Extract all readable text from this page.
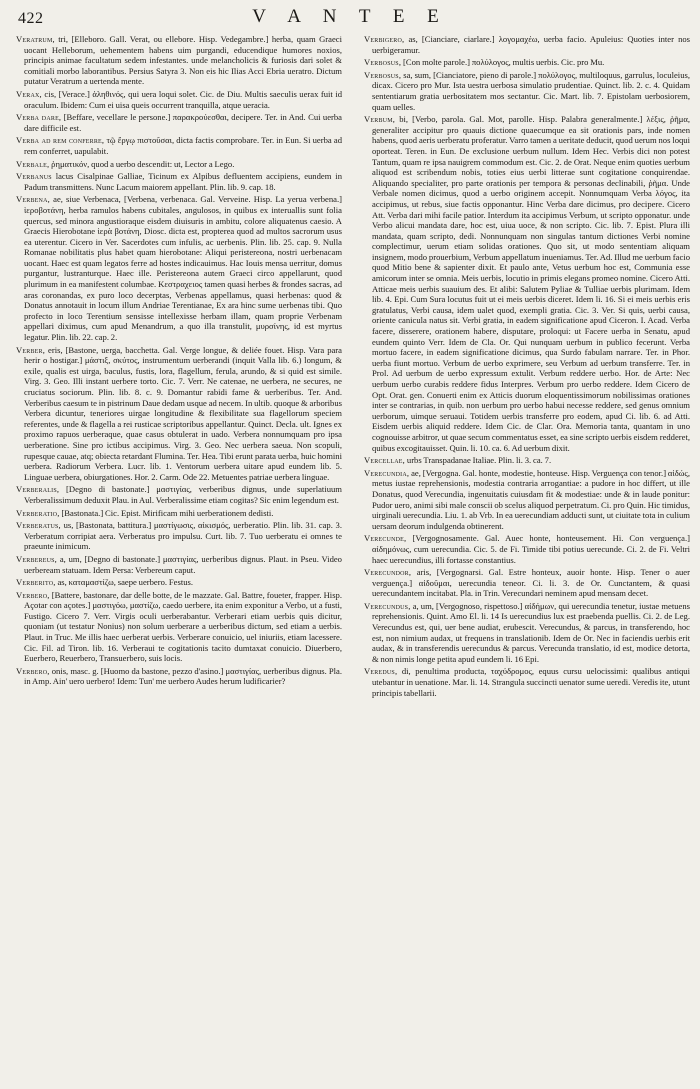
422	V A N T E E

Veratrum, tri, [Elleboro. Gall. Verat, ou ellebore. Hisp. Vedegambre.] herba, quam Graeci uocant Helleborum, uehementem habens uim purgandi, educendique humores noxios, principis animae facultatum sedem infestantes. unde melancholicis & furiosis dari solet & comitiali morbo laborantibus. Persius Satyra 3. Non eis hic Ilias Acci Ebria ueratro. Dictum putatur Veratrum a uertenda mente.

Verax, cis, [Verace.] ἀληθινός, qui uera loqui solet. Cic. de Diu. Multis saeculis uerax fuit id oraculum. Ibidem: Cum ei uisa queis occurrent tranquilla, atque ueracia.

Verba dare, [Beffare, vecellare le persone.] παρακρούεσθαι, decipere. Ter. in And. Cui uerba dare difficile est.

Verba ad rem conferre, τῷ ἔργῳ πιστοῦσαι, dicta factis comprobare. Ter. in Eun. Si uerba ad rem conferret, uapulabit.

Verbale, ῥηματικόν, quod a uerbo descendit: ut, Lector a Lego.

Verbanus lacus Cisalpinae Galliae, Ticinum ex Alpibus defluentem accipiens, eundem in Padum transmittens. Nunc Lacum maiorem appellant. Plin. lib. 9. cap. 18.

Verbena, ae, siue Verbenaca, [Verbena, verbenaca. Gal. Verveine. Hisp. La yerua verbena.] ἱεροβοτάνη, herba ramulos habens cubitales, angulosos, in quibus ex interuallis sunt folia quercus, sed minora angustioraque eisdem diuisuris in ambitu, colore aliquatenus caesio. A Graecis Hierobotane ἱερὰ βοτάνη, Diosc. dicta est, propterea quod ad multos sacrorum usus ea uterentur. Cicero in Ver. Sacerdotes cum infulis, ac uerbenis. Plin. lib. 25. cap. 9. Nulla Romanae nobilitatis plus habet quam hierobotane: Aliqui peristereona, nostri uerbenacam uocant. Haec est quam legatos ferre ad hostes indicauimus. Hac Iouis mensa uerritur, domus purgantur, lustranturque. Haec ille. Peristereona autem Graeci circo appellarunt, quod plurimum in ea manifestent columbae. Κεστραχειος tamen quasi herbes & frondes sacras, ad aras coronandas, ex puro loco decerptas, Verbenas appellamus, quasi herbenas: quod & Donatus annotauit in locum illum Andriae Terentianae, Ex ara hinc sume uerbenas tibi. Quo profecto in loco Terentium sensisse intellexisse herbam illam, quam proprie Verbenam appellari diximus, cum apud Menandrum, a quo illa transtulit, μυρσίνης, id est myrtus legatur. Plin. lib. 22. cap. 2.

Verber, eris, [Bastone, uerga, bacchetta. Gal. Verge longue, & deliée fouet. Hisp. Vara para herir o hostigar.] μάστιξ, σκύτος, instrumentum uerberandi (inquit Valla lib. 6.) longum, & exile, qualis est uirga, baculus, fustis, lora, flagellum, ferula, arundo, & si quid est simile. Virg. 3. Geo. Illi instant uerbere torto. Cic. 7. Verr. Ne catenae, ne uerbera, ne secures, ne cruciatus sociorum. Plin. lib. 8. c. 9. Domantur rabidi fame & uerberibus. Ter. And. Verberibus caesum te in pistrinum Daue dedam usque ad necem. In ultib. quoque & arboribus Verbera dicuntur, teneriores uirgae longitudine & flexibilitate sua flagellorum speciem referentes, unde & flagella a rei rusticae scriptoribus appellantur. Quinct. Decla. ult. Ignes ex proximo rapuos uerberaque, quae casus obtulerat in uado. Verbera nonnumquam pro ipsa uerberatione. Sine pro ictibus accipimus. Virg. 3. Geo. Nec uerbera saeua. Non scopuli, rupesque cauae, atq; obiecta retardant Flumina. Ter. Hea. Tibi erunt parata uerba, huic homini uerbera. Radiorum Verbera. Lucr. lib. 1. Ventorum uerbera uitare apud eundem lib. 5. Linguae uerbera, obiurgationes. Hor. 2. Carm. Ode 22. Metuentes patriae uerbera linguae.

Verberalis, [Degno di bastonate.] μαστιγίας, verberibus dignus, unde superlatiuum Verberalissimum deduxit Plau. in Aul. Verberalissime etiam cogitas? Sic enim legendum est.

Verberatio, [Bastonata.] Cic. Epist. Mirificam mihi uerberationem dedisti.

Verberatus, us, [Bastonata, battitura.] μαστίγωσις, αἰκισμός, uerberatio. Plin. lib. 31. cap. 3. Verberatum corripiat aera. Verberatus pro impulsu. Curt. lib. 7. Tuo uerberatu ei omnes te praeunte inimicum.

Verbereus, a, um, [Degno di bastonate.] μαστιγίας, uerberibus dignus. Plaut. in Pseu. Video uerbeream statuam. Idem Persa: Verbereum caput.

Verberito, as, καταμαστίζω, saepe uerbero. Festus.

Verbero, [Battere, bastonare, dar delle botte, de le mazzate. Gal. Battre, foueter, frapper. Hisp. Açotar con açotes.] μαστιγόω, μαστίζω, caedo uerbere, ita enim exponitur a Verbo, ut a fusti, Fustigo. Cicero 7. Verr. Virgis oculi uerberabantur. Verberari etiam uerbis quis dicitur, quoniam (ut testatur Nonius) non solum uerberare a uerberibus dictum, sed etiam a uerbis. Plaut. in Truc. Me illis haec uerberat uerbis. Verberare conuicio, uel iniuriis, etiam lacessere. Cic. Fil. ad Tiron. lib. 16. Verberaui te cogitationis tacito dumtaxat conuicio. Diuerbero, Euerbero, Reuerbero, Transuerbero, suis locis.

Verbero, onis, masc. g. [Huomo da bastone, pezzo d'asino.] μαστιγίας, uerberibus dignus. Pla. in Amp. Ain' uero uerbero! Idem: Tun' me uerbero Audes herum ludificarier?

Verbigero, as, [Cianciare, ciarlare.] λογομαχέω, uerba facio. Apuleius: Quoties inter nos uerbigeramur.

Verbosus, [Con molte parole.] πολύλογος, multis uerbis. Cic. pro Mu.

Verbosus, sa, sum, [Cianciatore, pieno di parole.] πολύλογος, multiloquus, garrulus, loculeius, dicax. Cicero pro Mur. Ista uestra uerbosa simulatio prudentiae. Quinct. lib. 2. c. 4. Quidam sententiarum gratia uerbositatem mos sectantur. Cic. Mart. lib. 7. Epistolam uerbosiorem, quam uelles.

Verbum, bi, [Verbo, parola. Gal. Mot, parolle. Hisp. Palabra generalmente.] λέξις, ῥῆμα, generaliter accipitur pro quauis dictione quaecumque ea sit orationis pars, inde nomen habens, quod aeris uerberatu proferatur. Varro tamen a ueritate deducit, quod uerum nos loqui oporteat. Teren. in Eun. De exclusione uerbum nullum. Idem Hec. Verbis dici non potest Tantum, quam re ipsa nauigrem commodum est. Cic. 2. de Orat. Neque enim quoties uerbum aliquod est scribendum nobis, toties eius uerbi litterae sunt cogitatione conquirendae. Aliquando specialiter, pro parte orationis per tempora & personas declinabili, ῥῆμα. Unde Verbale nomen dicimus, quod a uerbo originem accepit. Nonnumquam Verba λόγος, ita accipimus, ut rebus, siue factis opponantur. Hinc Verba dare dicimus, pro decipere. Cicero Att. Verba dari mihi facile patior. Interdum ita accipimus Verbum, ut scripto opponatur. unde Verbo alicui mandata dare, hoc est, uiua uoce, & non scripto. Cic. lib. 7. Epist. Plura illi mandata, quam scripto, dedi. Nonnunquam non singulas tantum dictiones Verbi nomine complectimur, uerum etiam solidas orationes. Quo sit, ut modo sententiam aliquam insignem, modo prouerbium, Verbum appellatum inueniamus. Ter. Ad. Illud me uerbum facio quod Mitio bene & sapienter dixit. Et paulo ante, Vetus uerbum hoc est, Communia esse amicorum inter se omnia. Meis uerbis, locutio in primis elegans promeo nomine. Cicero Atti. Atticae meis uerbis suauium des. Et alibi: Salutem Pyliae & Tulliae uerbis plurimam. Idem lib. 4. Epi. Cum Sura locutus fuit ut ei meis uerbis diceret. Idem li. 16. Si ei meis uerbis eris gratulatus, Verbi causa, idem ualet quod, exempli gratia. Cic. 3. Ver. Si quis, uerbi causa, oriente canicula natus sit. Verbi gratia, in eadem significatione apud Ciceron. I. Acad. Verba facere, disserere, orationem habere, disputare, proloqui: ut Facere uerba in Senatu, apud eundem quinto Verr. Idem de Cla. Or. Qui nunquam uerbum in publico fecerunt. Verba mortuo facere, in eadem significatione dicimus, qua Surdo fabulam narrare. Ter. in Phor. uerba fiunt mortuo. Verbum de uerbo exprimere, seu Verbum ad uerbum transferre. Ter. in Prol. Ad uerbum de uerbo expressum extulit. Verbum reddere uerbo. Hor. de Arte: Nec uerbum uerbo curabis reddere fidus Interpres. Verbum pro uerbo reddere. Idem Cicero de Opt. Orat. gen. Conuerti enim ex Atticis duorum eloquentissimorum nobilissimas orationes inter se contrarias, in quib. non uerbum pro uerbo habui necesse reddere, sed genus omnium uerborum, uimque seruaui. Totidem uerbis transferre pro eodem, apud Ci. lib. 6. ad Atti. Eisdem uerbis aliquid reddere. Idem Cic. de Clar. Ora. Memoria tanta, quantam in uno cognouisse arbitror, ut quae secum commentatus esset, ea sine scripto uerbis eisdem redderet, quibus excogitauisset. Quin. li. 10. ca. 6. Ad uerbum dixit.

Vercellae, urbs Transpadanae Italiae. Plin. li. 3. ca. 7.

Verecundia, ae, [Vergogna. Gal. honte, modestie, honteuse. Hisp. Verguença con tenor.] αἰδώς, metus iustae reprehensionis, modestia contraria arrogantiae: a pudore in hoc differt, ut ille Donatus, quod Verecundia, ingenuitatis cuiusdam fit & modestiae: unde & in laude ponitur: Pudor uero, animi sibi male conscii ob scelus aliquod perpetratum. Ci. pro Quin. Hic timidus, uirginali uerecundia. Liu. 1. ab Vrb. In ea uerecundiam adducti sunt, ut ciuitate tota in culium uersam deorum indulgenda obtinerent.

Verecunde, [Vergognosamente. Gal. Auec honte, honteusement. Hi. Con verguença.] αἰδημόνως, cum uerecundia. Cic. 5. de Fi. Timide tibi potius uerecunde. Ci. 2. de Fi. Veltri haec uerecundius, illi fortasse constantius.

Verecundor, aris, [Vergognarsi. Gal. Estre honteux, auoir honte. Hisp. Tener o auer verguença.] αἰδοῦμαι, uerecundia teneor. Ci. li. 3. de Or. Cunctantem, & quasi uerecundantem incitabat. Pla. in Trin. Verecundari neminem apud mensam decet.

Verecundus, a, um, [Vergognoso, rispettoso.] αἰδήμων, qui uerecundia tenetur, iustae metuens reprehensionis. Quint. Amo El. li. 14 Is uerecundius lux est praebenda puellis. Ci. 2. de Leg. Verecundus est, qui, uer bene audiat, erubescit. Verecundus, & parcus, in transferendo, hoc est, non nimium audax, ut frequens in translationib. Idem de Or. Nec in faciendis uerbis erit audax, & in transferendis uerecundus & parcus. Verecunda translatio, id est, modice detorta, & non nimis longe petita apud eundem li. 16 Epi.

Veredus, di, penultima producta, ταχύδρομος, equus cursu uelocissimi: qualibus antiqui utebantur in uenatione. Mar. li. 14. Strangula succincti uenator sume ueredi. Veredis ite, utunt principis tabellarii.
